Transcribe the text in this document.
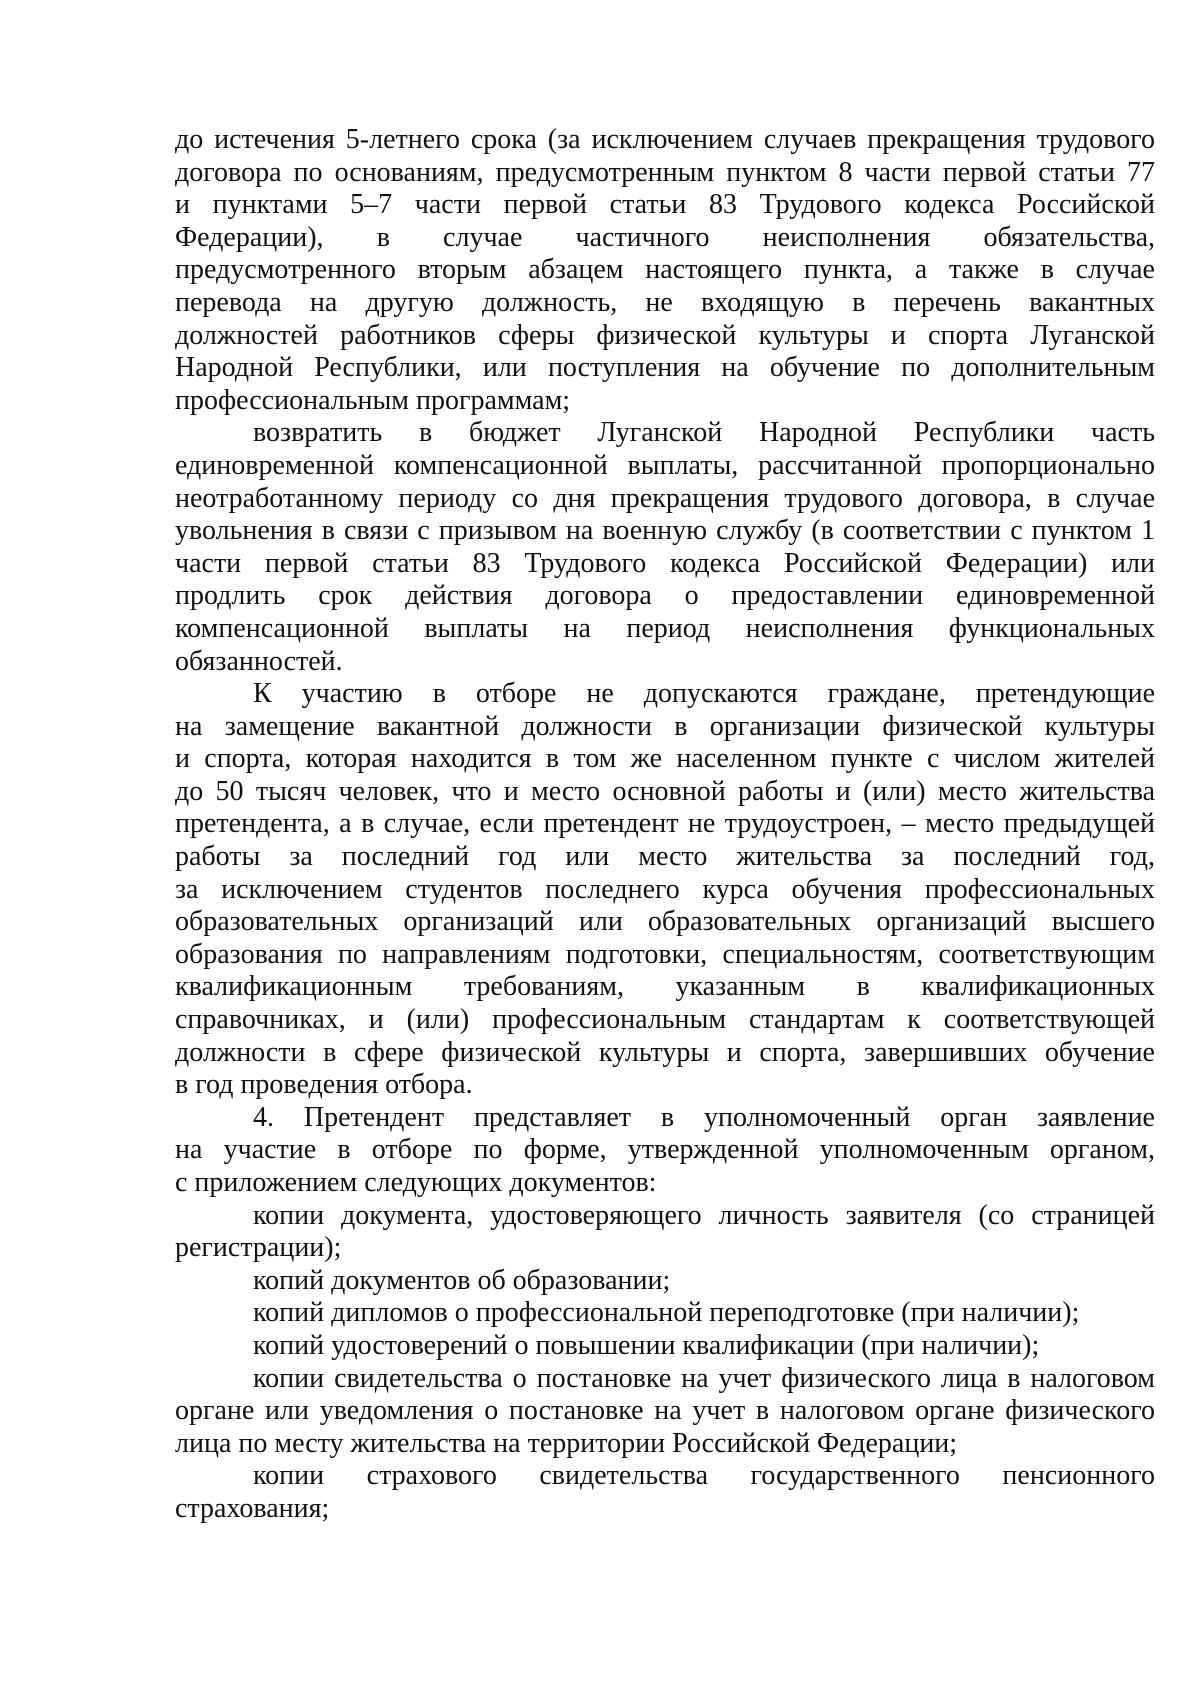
до истечения 5-летнего срока (за исключением случаев прекращения трудового
договора по основаниям, предусмотренным пунктом 8 части первой статьи 77
и пунктами 5–7 части первой статьи 83 Трудового кодекса Российской
Федерации), в случае частичного неисполнения обязательства,
предусмотренного вторым абзацем настоящего пункта, а также в случае
перевода на другую должность, не входящую в перечень вакантных
должностей работников сферы физической культуры и спорта Луганской
Народной Республики, или поступления на обучение по дополнительным
профессиональным программам;
возвратить в бюджет Луганской Народной Республики часть
единовременной компенсационной выплаты, рассчитанной пропорционально
неотработанному периоду со дня прекращения трудового договора, в случае
увольнения в связи с призывом на военную службу (в соответствии с пунктом 1
части первой статьи 83 Трудового кодекса Российской Федерации) или
продлить срок действия договора о предоставлении единовременной
компенсационной выплаты на период неисполнения функциональных
обязанностей.
К участию в отборе не допускаются граждане, претендующие
на замещение вакантной должности в организации физической культуры
и спорта, которая находится в том же населенном пункте с числом жителей
до 50 тысяч человек, что и место основной работы и (или) место жительства
претендента, а в случае, если претендент не трудоустроен, – место предыдущей
работы за последний год или место жительства за последний год,
за исключением студентов последнего курса обучения профессиональных
образовательных организаций или образовательных организаций высшего
образования по направлениям подготовки, специальностям, соответствующим
квалификационным требованиям, указанным в квалификационных
справочниках, и (или) профессиональным стандартам к соответствующей
должности в сфере физической культуры и спорта, завершивших обучение
в год проведения отбора.
4. Претендент представляет в уполномоченный орган заявление
на участие в отборе по форме, утвержденной уполномоченным органом,
с приложением следующих документов:
копии документа, удостоверяющего личность заявителя (со страницей
регистрации);
копий документов об образовании;
копий дипломов о профессиональной переподготовке (при наличии);
копий удостоверений о повышении квалификации (при наличии);
копии свидетельства о постановке на учет физического лица в налоговом
органе или уведомления о постановке на учет в налоговом органе физического
лица по месту жительства на территории Российской Федерации;
копии страхового свидетельства государственного пенсионного
страхования;
